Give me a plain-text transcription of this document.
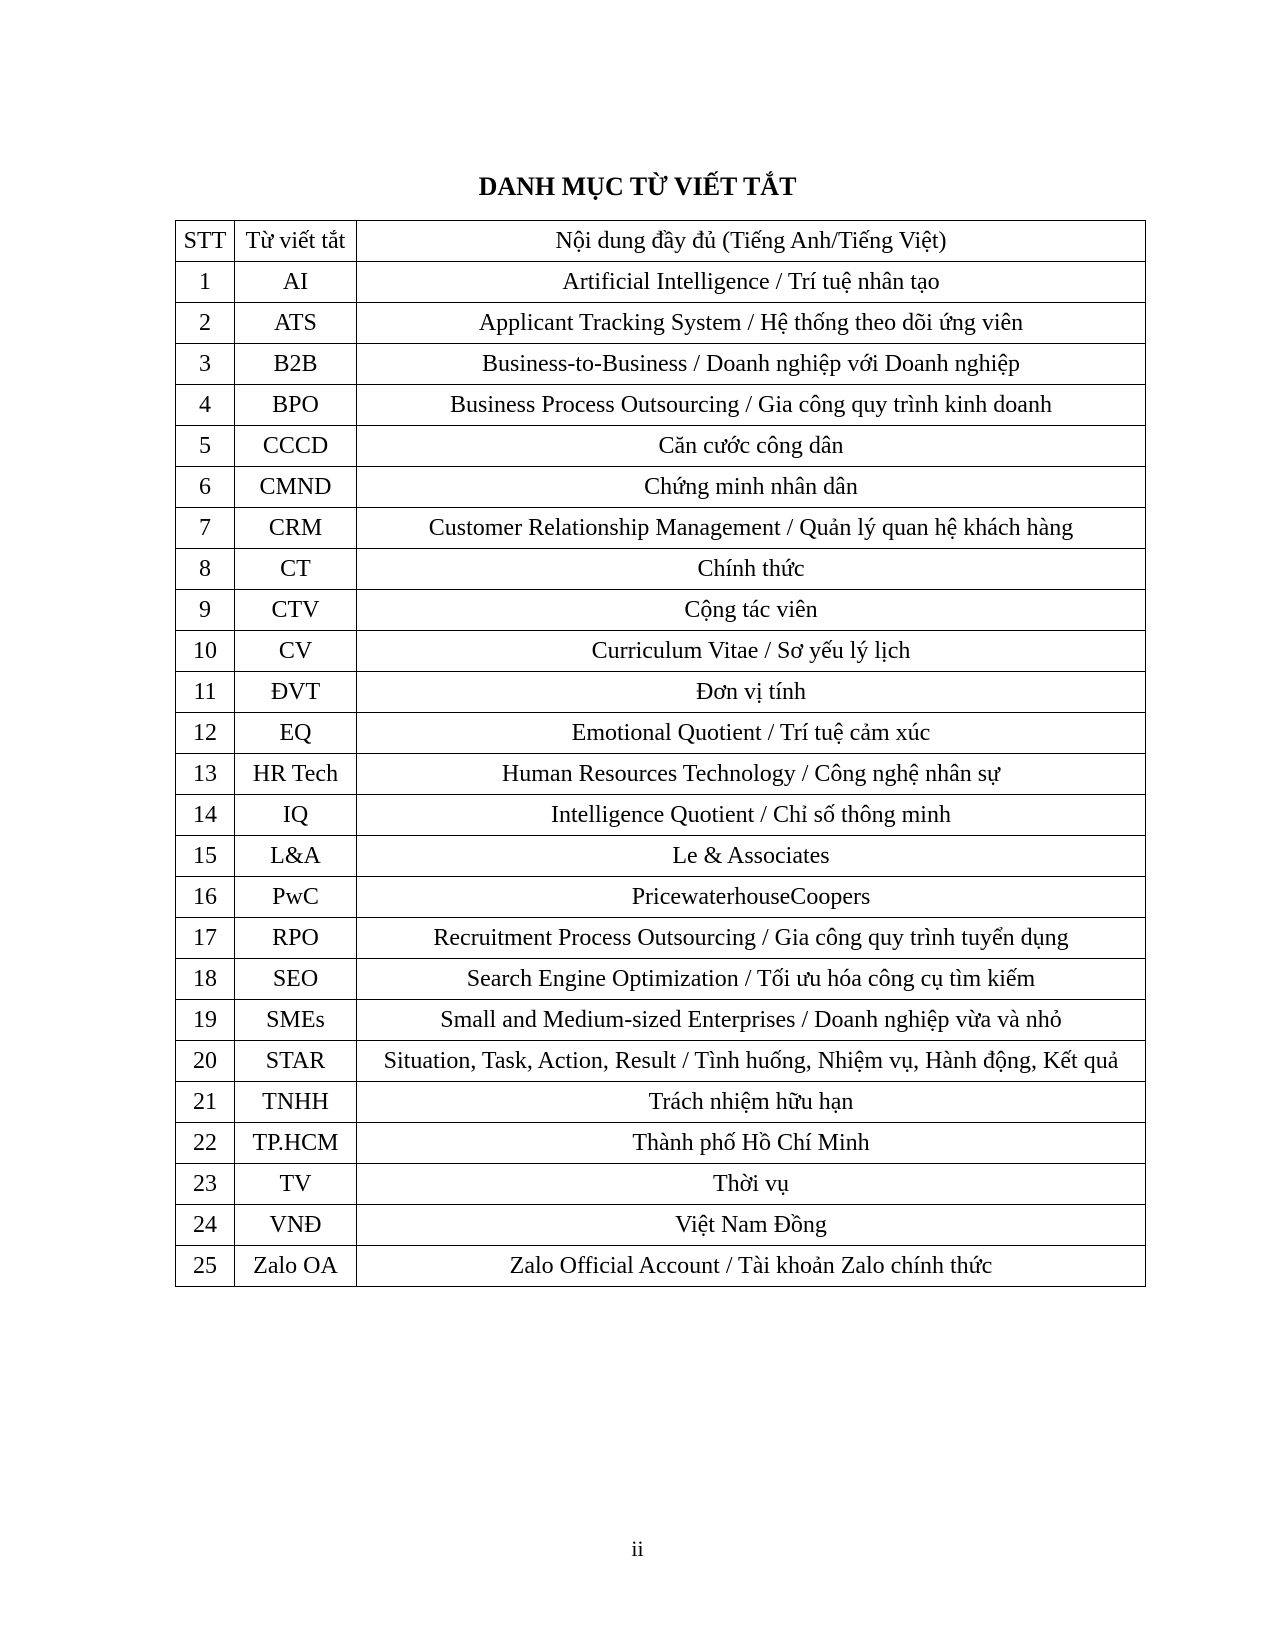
DANH MỤC TỪ VIẾT TẮT
STT	Từ viết tắt	Nội dung đầy đủ (Tiếng Anh/Tiếng Việt)
1	AI	Artificial Intelligence / Trí tuệ nhân tạo
2	ATS	Applicant Tracking System / Hệ thống theo dõi ứng viên
3	B2B	Business-to-Business / Doanh nghiệp với Doanh nghiệp
4	BPO	Business Process Outsourcing / Gia công quy trình kinh doanh
5	CCCD	Căn cước công dân
6	CMND	Chứng minh nhân dân
7	CRM	Customer Relationship Management / Quản lý quan hệ khách hàng
8	CT	Chính thức
9	CTV	Cộng tác viên
10	CV	Curriculum Vitae / Sơ yếu lý lịch
11	ĐVT	Đơn vị tính
12	EQ	Emotional Quotient / Trí tuệ cảm xúc
13	HR Tech	Human Resources Technology / Công nghệ nhân sự
14	IQ	Intelligence Quotient / Chỉ số thông minh
15	L&A	Le & Associates
16	PwC	PricewaterhouseCoopers
17	RPO	Recruitment Process Outsourcing / Gia công quy trình tuyển dụng
18	SEO	Search Engine Optimization / Tối ưu hóa công cụ tìm kiếm
19	SMEs	Small and Medium-sized Enterprises / Doanh nghiệp vừa và nhỏ
20	STAR	Situation, Task, Action, Result / Tình huống, Nhiệm vụ, Hành động, Kết quả
21	TNHH	Trách nhiệm hữu hạn
22	TP.HCM	Thành phố Hồ Chí Minh
23	TV	Thời vụ
24	VNĐ	Việt Nam Đồng
25	Zalo OA	Zalo Official Account / Tài khoản Zalo chính thức
ii
